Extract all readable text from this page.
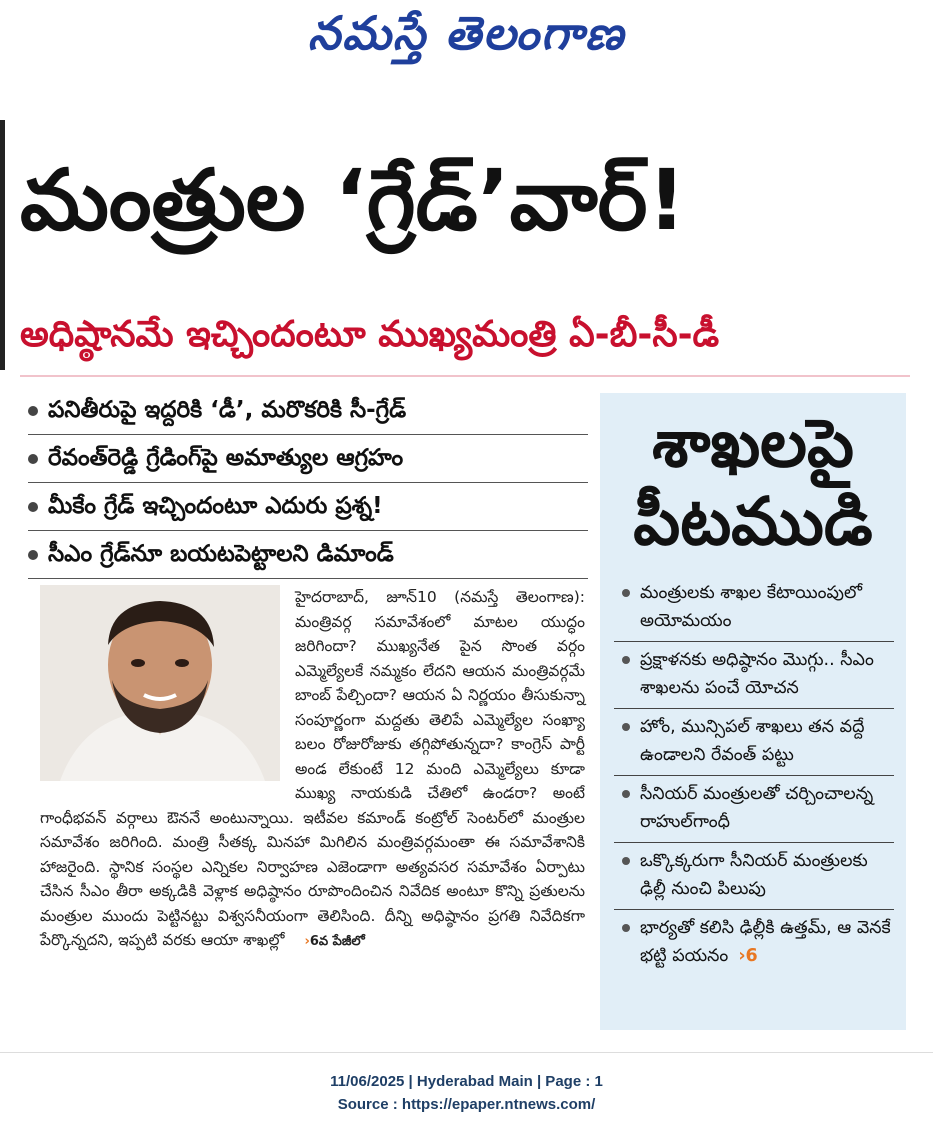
నమస్తే తెలంగాణ
మంత్రుల ‘గ్రేడ్’వార్!
అధిష్ఠానమే ఇచ్చిందంటూ ముఖ్యమంత్రి ఏ-బీ-సీ-డీ
పనితీరుపై ఇద్దరికి ‘డీ’, మరొకరికి సీ-గ్రేడ్
రేవంత్‌రెడ్డి గ్రేడింగ్‌పై అమాత్యుల ఆగ్రహం
మీకేం గ్రేడ్ ఇచ్చిందంటూ ఎదురు ప్రశ్న!
సీఎం గ్రేడ్‌నూ బయటపెట్టాలని డిమాండ్

హైదరాబాద్, జూన్10 (నమస్తే తెలంగాణ): మంత్రివర్గ సమావేశంలో మాటల యుద్ధం జరిగిందా? ముఖ్యనేత పైన సొంత వర్గం ఎమ్మెల్యేలకే నమ్మకం లేదని ఆయన మంత్రివర్గమే బాంబ్ పేల్చిందా? ఆయన ఏ నిర్ణయం తీసుకున్నా సంపూర్ణంగా మద్దతు తెలిపే ఎమ్మెల్యేల సంఖ్యా బలం రోజురోజుకు తగ్గిపోతున్నదా? కాంగ్రెస్ పార్టీ అండ లేకుంటే 12 మంది ఎమ్మెల్యేలు కూడా ముఖ్య నాయకుడి చేతిలో ఉండరా? అంటే గాంధీభవన్ వర్గాలు ఔననే అంటున్నాయి. ఇటీవల కమాండ్ కంట్రోల్ సెంటర్‌లో మంత్రుల సమావేశం జరిగింది. మంత్రి సీతక్క మినహా మిగిలిన మంత్రివర్గమంతా ఈ సమావేశానికి హాజరైంది. స్థానిక సంస్థల ఎన్నికల నిర్వాహణ ఎజెండాగా అత్యవసర సమావేశం ఏర్పాటు చేసిన సీఎం తీరా అక్కడికి వెళ్లాక అధిష్ఠానం రూపొందించిన నివేదిక అంటూ కొన్ని ప్రతులను మంత్రుల ముందు పెట్టినట్టు విశ్వసనీయంగా తెలిసింది. దీన్ని అధిష్ఠానం ప్రగతి నివేదికగా పేర్కొన్నదని, ఇప్పటి వరకు ఆయా శాఖల్లో ›6వ పేజీలో

శాఖలపై పీటముడి
మంత్రులకు శాఖల కేటాయింపులో అయోమయం
ప్రక్షాళనకు అధిష్ఠానం మొగ్గు.. సీఎం శాఖలను పంచే యోచన
హోం, మున్సిపల్ శాఖలు తన వద్దే ఉండాలని రేవంత్ పట్టు
సీనియర్ మంత్రులతో చర్చించాలన్న రాహుల్‌గాంధీ
ఒక్కొక్కరుగా సీనియర్ మంత్రులకు ఢిల్లీ నుంచి పిలుపు
భార్యతో కలిసి ఢిల్లీకి ఉత్తమ్, ఆ వెనకే భట్టి పయనం ›6
11/06/2025 | Hyderabad Main | Page : 1
Source : https://epaper.ntnews.com/
